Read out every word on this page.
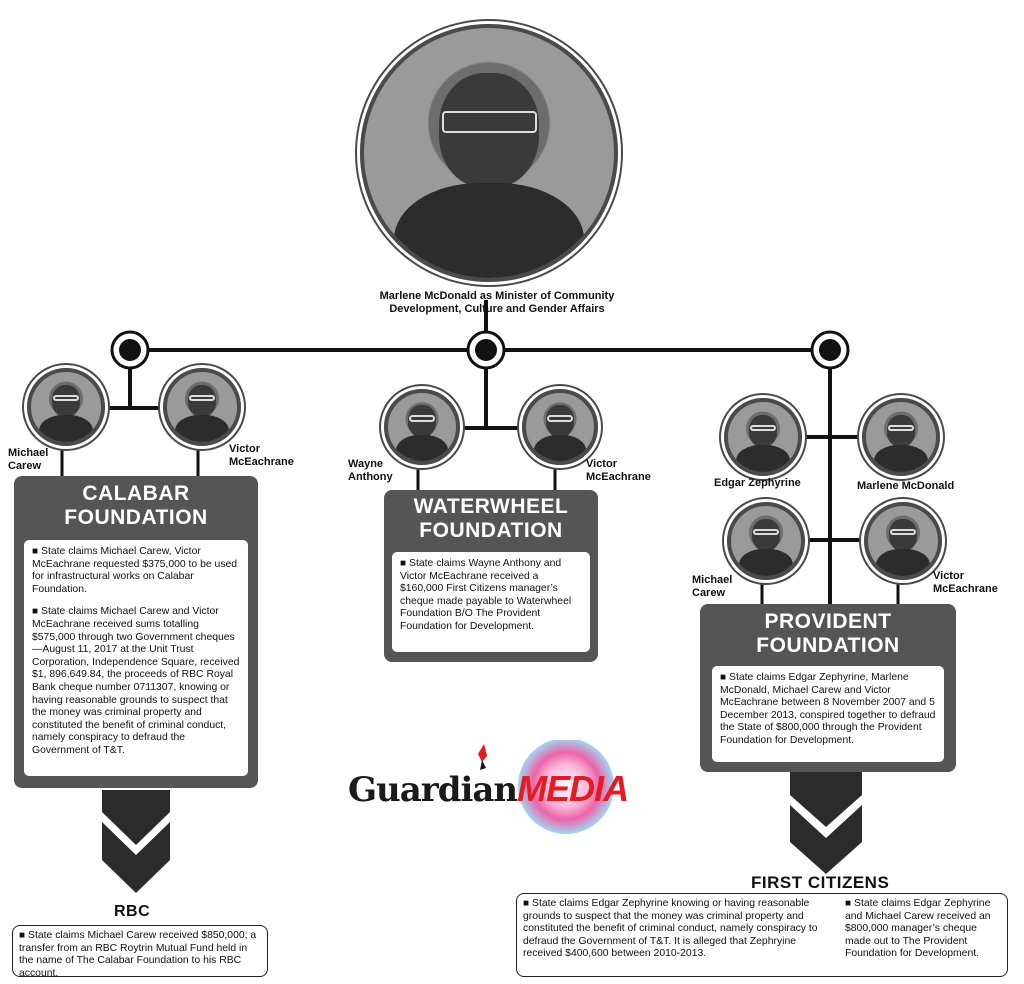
Marlene McDonald as Minister of Community
Development, Culture and Gender Affairs
Michael
Carew
Victor
McEachrane
CALABAR
FOUNDATION

■ State claims Michael Carew, Victor McEachrane requested $375,000 to be used for infrastructural works on Calabar Foundation.

■ State claims Michael Carew and Victor McEachrane received sums totalling $575,000 through two Government cheques —August 11, 2017 at the Unit Trust Corporation, Independence Square, received $1, 896,649.84, the proceeds of RBC Royal Bank cheque number 0711307, knowing or having reasonable grounds to suspect that the money was criminal property and constituted the benefit of criminal conduct, namely conspiracy to defraud the Government of T&T.

RBC
■ State claims Michael Carew received $850,000; a transfer from an RBC Roytrin Mutual Fund held in the name of The Calabar Foundation to his RBC account.
Wayne
Anthony
Victor
McEachrane
WATERWHEEL
FOUNDATION

■ State claims Wayne Anthony and Victor McEachrane received a $160,000 First Citizens manager’s cheque made payable to Waterwheel Foundation B/O The Provident Foundation for Development.

Edgar Zephyrine	Marlene McDonald
Michael
Carew
Victor
McEachrane
PROVIDENT
FOUNDATION

■ State claims Edgar Zephyrine, Marlene McDonald, Michael Carew and Victor McEachrane between 8 November 2007 and 5 December 2013, conspired together to defraud the State of $800,000 through the Provident Foundation for Development.

FIRST CITIZENS
■ State claims Edgar Zephyrine knowing or having reasonable grounds to suspect that the money was criminal property and constituted the benefit of criminal conduct, namely conspiracy to defraud the Government of T&T. It is alleged that Zephryine received $400,600 between 2010-2013.
■ State claims Edgar Zephyrine and Michael Carew received an $800,000 manager’s cheque made out to The Provident Foundation for Development.
GuardianMEDIA
